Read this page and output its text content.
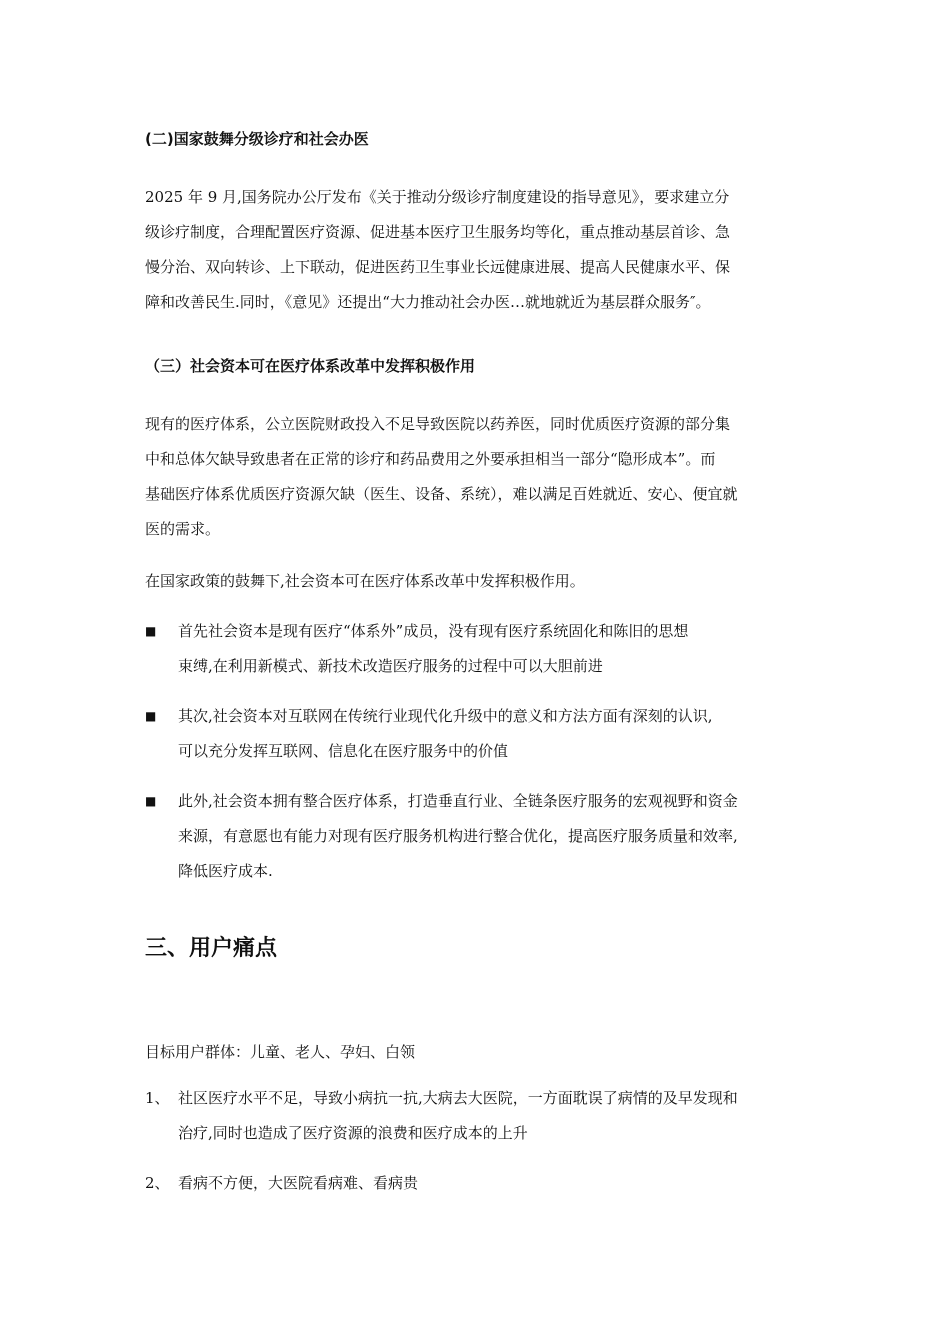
(二)国家鼓舞分级诊疗和社会办医
2025 年 9 月,国务院办公厅发布《关于推动分级诊疗制度建设的指导意见》，要求建立分
级诊疗制度，合理配置医疗资源、促进基本医疗卫生服务均等化，重点推动基层首诊、急
慢分治、双向转诊、上下联动，促进医药卫生事业长远健康进展、提高人民健康水平、保
障和改善民生.同时，《意见》还提出“大力推动社会办医…就地就近为基层群众服务″。
（三）社会资本可在医疗体系改革中发挥积极作用
现有的医疗体系，公立医院财政投入不足导致医院以药养医，同时优质医疗资源的部分集
中和总体欠缺导致患者在正常的诊疗和药品费用之外要承担相当一部分“隐形成本”。而
基础医疗体系优质医疗资源欠缺（医生、设备、系统），难以满足百姓就近、安心、便宜就
医的需求。
在国家政策的鼓舞下,社会资本可在医疗体系改革中发挥积极作用。
■	首先社会资本是现有医疗“体系外”成员，没有现有医疗系统固化和陈旧的思想
束缚,在利用新模式、新技术改造医疗服务的过程中可以大胆前进
■	其次,社会资本对互联网在传统行业现代化升级中的意义和方法方面有深刻的认识,
可以充分发挥互联网、信息化在医疗服务中的价值
■	此外,社会资本拥有整合医疗体系，打造垂直行业、全链条医疗服务的宏观视野和资金
来源，有意愿也有能力对现有医疗服务机构进行整合优化，提高医疗服务质量和效率,
降低医疗成本.
三、用户痛点
目标用户群体：儿童、老人、孕妇、白领
1、 社区医疗水平不足，导致小病抗一抗,大病去大医院，一方面耽误了病情的及早发现和
治疗,同时也造成了医疗资源的浪费和医疗成本的上升
2、 看病不方便，大医院看病难、看病贵
